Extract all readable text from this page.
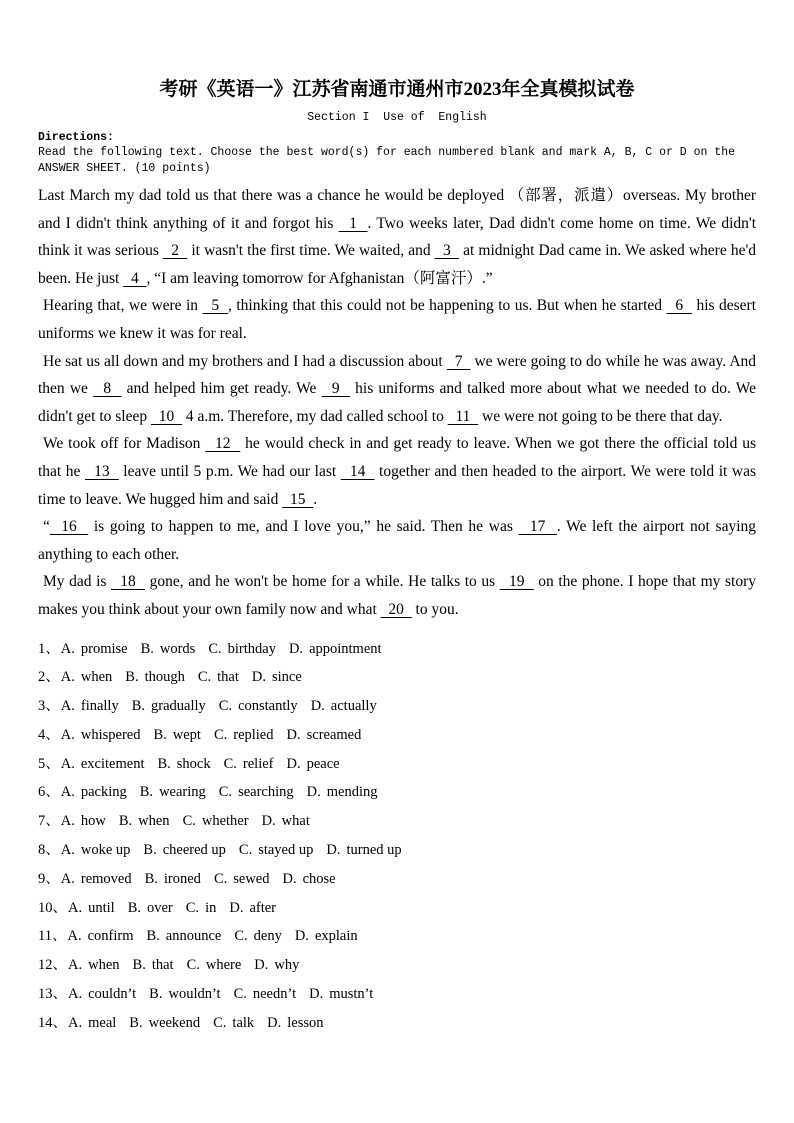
考研《英语一》江苏省南通市通州市2023年全真模拟试卷
Section I  Use of  English
Directions:
Read the following text. Choose the best word(s) for each numbered blank and mark A, B, C or D on the ANSWER SHEET. (10 points)
Last March my dad told us that there was a chance he would be deployed （部署，派遣）overseas. My brother and I didn't think anything of it and forgot his   1  . Two weeks later, Dad didn't come home on time. We didn't think it was serious   2   it wasn't the first time. We waited, and   3   at midnight Dad came in. We asked where he'd been. He just   4  , “I am leaving tomorrow for Afghanistan（阿富汗）.”
Hearing that, we were in   5  , thinking that this could not be happening to us. But when he started   6   his desert uniforms we knew it was for real.
He sat us all down and my brothers and I had a discussion about   7   we were going to do while he was away. And then we   8   and helped him get ready. We   9   his uniforms and talked more about what we needed to do. We didn't get to sleep   10   4 a.m. Therefore, my dad called school to   11   we were not going to be there that day.
We took off for Madison   12   he would check in and get ready to leave. When we got there the official told us that he   13   leave until 5 p.m. We had our last   14   together and then headed to the airport. We were told it was time to leave. We hugged him and said   15  .
“  16   is going to happen to me, and I love you,” he said. Then he was   17  . We left the airport not saying anything to each other.
My dad is   18   gone, and he won't be home for a while. He talks to us   19   on the phone. I hope that my story makes you think about your own family now and what   20   to you.
1、A. promise B. words C. birthday D. appointment
2、A. when B. though C. that D. since
3、A. finally B. gradually C. constantly D. actually
4、A. whispered B. wept C. replied D. screamed
5、A. excitement B. shock C. relief D. peace
6、A. packing B. wearing C. searching D. mending
7、A. how B. when C. whether D. what
8、A. woke up B. cheered up C. stayed up D. turned up
9、A. removed B. ironed C. sewed D. chose
10、A. until B. over C. in D. after
11、A. confirm B. announce C. deny D. explain
12、A. when B. that C. where D. why
13、A. couldn’t B. wouldn’t C. needn’t D. mustn’t
14、A. meal B. weekend C. talk D. lesson
